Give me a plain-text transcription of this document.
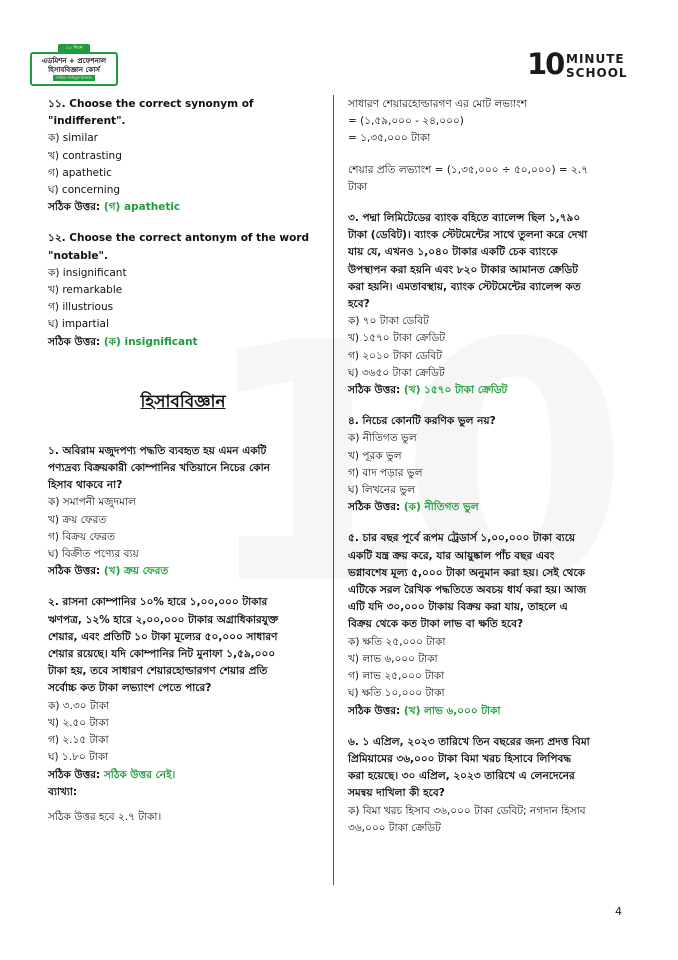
১০ দিনে
এডমিশন + প্রফেশনাল
হিসাববিজ্ঞান কোর্স
সাকিব নাজমুল ইসলাম	10 MINUTE
SCHOOL
১১. Choose the correct synonym of "indifferent".
ক) similar
খ) contrasting
গ) apathetic
ঘ) concerning
সঠিক উত্তর: (গ) apathetic
১২. Choose the correct antonym of the word
"notable".
ক) insignificant
খ) remarkable
গ) illustrious
ঘ) impartial
সঠিক উত্তর: (ক) insignificant
হিসাববিজ্ঞান
১. অবিরাম মজুদপণ্য পদ্ধতি ব্যবহৃত হয় এমন একটি
পণ্যদ্রব্য বিক্রয়কারী কোম্পানির খতিয়ানে নিচের কোন
হিসাব থাকবে না?
ক) সমাপনী মজুদমাল
খ) ক্রয় ফেরত
গ) বিক্রয় ফেরত
ঘ) বিক্রীত পণ্যের ব্যয়
সঠিক উত্তর: (খ) ক্রয় ফেরত
২. রাসনা কোম্পানির ১০% হারে ১,০০,০০০ টাকার
ঋণপত্র, ১২% হারে ২,০০,০০০ টাকার অগ্রাধিকারযুক্ত
শেয়ার, এবং প্রতিটি ১০ টাকা মূল্যের ৫০,০০০ সাধারণ
শেয়ার রয়েছে। যদি কোম্পানির নিট মুনাফা ১,৫৯,০০০
টাকা হয়, তবে সাধারণ শেয়ারহোল্ডারগণ শেয়ার প্রতি
সর্বোচ্চ কত টাকা লভ্যাংশ পেতে পারে?
ক) ৩.৩০ টাকা
খ) ২.৫০ টাকা
গ) ২.১৫ টাকা
ঘ) ১.৮০ টাকা
সঠিক উত্তর: সঠিক উত্তর নেই।
ব্যাখ্যা:
সঠিক উত্তর হবে ২.৭ টাকা।
সাধারণ শেয়ারহোল্ডারগণ এর মোট লভ্যাংশ
= (১,৫৯,০০০ - ২৪,০০০)
= ১,৩৫,০০০ টাকা
শেয়ার প্রতি লভ্যাংশ = (১,৩৫,০০০ ÷ ৫০,০০০) = ২.৭
টাকা
৩. পদ্মা লিমিটেডের ব্যাংক বহিতে ব্যালেন্স ছিল ১,৭৯০
টাকা (ডেবিট)। ব্যাংক স্টেটমেন্টের সাথে তুলনা করে দেখা
যায় যে, এখনও ১,০৪০ টাকার একটি চেক ব্যাংকে
উপস্থাপন করা হয়নি এবং ৮২০ টাকার আমানত ক্রেডিট
করা হয়নি। এমতাবস্থায়, ব্যাংক স্টেটমেন্টের ব্যালেন্স কত
হবে?
ক) ৭০ টাকা ডেবিট
খ) ১৫৭০ টাকা ক্রেডিট
গ) ২০১০ টাকা ডেবিট
ঘ) ৩৬৫০ টাকা ক্রেডিট
সঠিক উত্তর: (খ) ১৫৭০ টাকা ক্রেডিট
৪. নিচের কোনটি করণিক ভুল নয়?
ক) নীতিগত ভুল
খ) পূরক ভুল
গ) বাদ পড়ার ভুল
ঘ) লিখনের ভুল
সঠিক উত্তর: (ক) নীতিগত ভুল
৫. চার বছর পূর্বে রূপম ট্রেডার্স ১,০০,০০০ টাকা ব্যয়ে
একটি যন্ত্র ক্রয় করে, যার আয়ুষ্কাল পাঁচ বছর এবং
ভগ্নাবশেষ মূল্য ৫,০০০ টাকা অনুমান করা হয়। সেই থেকে
এটিকে সরল রৈখিক পদ্ধতিতে অবচয় ধার্য করা হয়। আজ
এটি যদি ৩০,০০০ টাকায় বিক্রয় করা যায়, তাহলে এ
বিক্রয় থেকে কত টাকা লাভ বা ক্ষতি হবে?
ক) ক্ষতি ২৫,০০০ টাকা
খ) লাভ ৬,০০০ টাকা
গ) লাভ ২৫,০০০ টাকা
ঘ) ক্ষতি ১০,০০০ টাকা
সঠিক উত্তর: (খ) লাভ ৬,০০০ টাকা
৬. ১ এপ্রিল, ২০২৩ তারিখে তিন বছরের জন্য প্রদত্ত বিমা
প্রিমিয়ামের ৩৬,০০০ টাকা বিমা খরচ হিসাবে লিপিবদ্ধ
করা হয়েছে। ৩০ এপ্রিল, ২০২৩ তারিখে এ লেনদেনের
সমন্বয় দাখিলা কী হবে?
ক) বিমা খরচ হিসাব ৩৬,০০০ টাকা ডেবিট; নগদান হিসাব
৩৬,০০০ টাকা ক্রেডিট
4
